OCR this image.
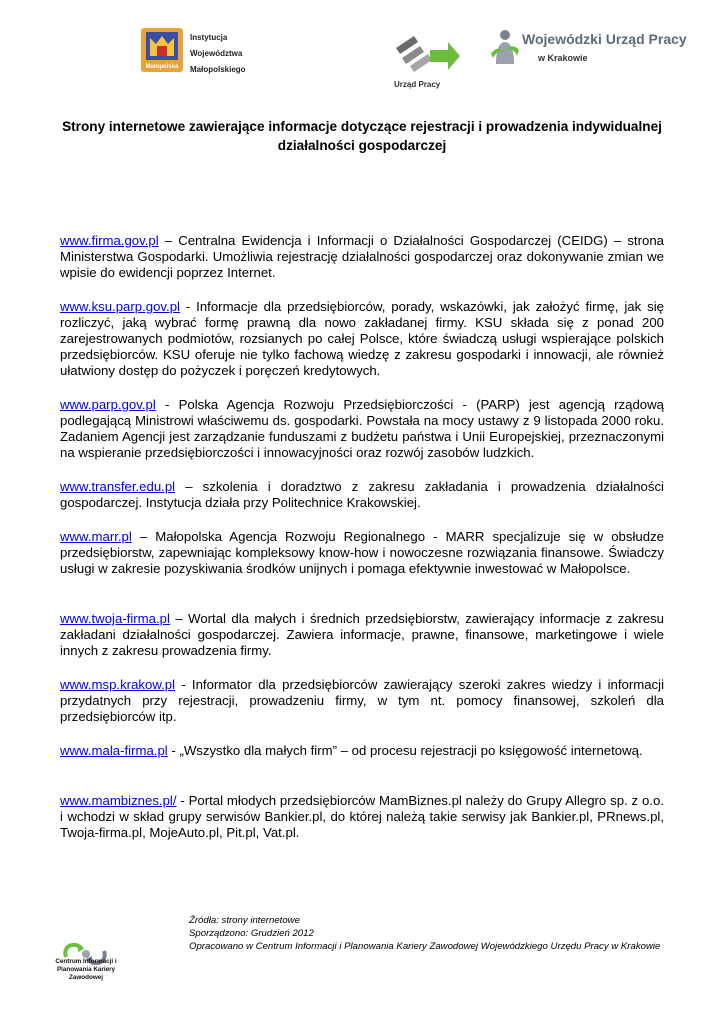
Małopolska
Instytucja
Województwa
Małopolskiego
Urząd Pracy
Wojewódzki Urząd Pracy
w Krakowie
Strony internetowe zawierające informacje dotyczące rejestracji i prowadzenia indywidualnej działalności gospodarczej

www.firma.gov.pl – Centralna Ewidencja i Informacji o Działalności Gospodarczej (CEIDG) – strona Ministerstwa Gospodarki. Umożliwia rejestrację działalności gospodarczej oraz dokonywanie zmian we wpisie do ewidencji poprzez Internet.

www.ksu.parp.gov.pl - Informacje dla przedsiębiorców, porady, wskazówki, jak założyć firmę, jak się rozliczyć, jaką wybrać formę prawną dla nowo zakładanej firmy. KSU składa się z ponad 200 zarejestrowanych podmiotów, rozsianych po całej Polsce, które świadczą usługi wspierające polskich przedsiębiorców. KSU oferuje nie tylko fachową wiedzę z zakresu gospodarki i innowacji, ale również ułatwiony dostęp do pożyczek i poręczeń kredytowych.

www.parp.gov.pl - Polska Agencja Rozwoju Przedsiębiorczości - (PARP) jest agencją rządową podlegającą Ministrowi właściwemu ds. gospodarki. Powstała na mocy ustawy z 9 listopada 2000 roku. Zadaniem Agencji jest zarządzanie funduszami z budżetu państwa i Unii Europejskiej, przeznaczonymi na wspieranie przedsiębiorczości i innowacyjności oraz rozwój zasobów ludzkich.

www.transfer.edu.pl – szkolenia i doradztwo z zakresu zakładania i prowadzenia działalności gospodarczej. Instytucja działa przy Politechnice Krakowskiej.

www.marr.pl – Małopolska Agencja Rozwoju Regionalnego - MARR specjalizuje się w obsłudze przedsiębiorstw, zapewniając kompleksowy know-how i nowoczesne rozwiązania finansowe. Świadczy usługi w zakresie pozyskiwania środków unijnych i pomaga efektywnie inwestować w Małopolsce.

www.twoja-firma.pl – Wortal dla małych i średnich przedsiębiorstw, zawierający informacje z zakresu zakładani działalności gospodarczej. Zawiera informacje, prawne, finansowe, marketingowe i wiele innych z zakresu prowadzenia firmy.

www.msp.krakow.pl - Informator dla przedsiębiorców zawierający szeroki zakres wiedzy i informacji przydatnych przy rejestracji, prowadzeniu firmy, w tym nt. pomocy finansowej, szkoleń dla przedsiębiorców itp.

www.mala-firma.pl - „Wszystko dla małych firm” – od procesu rejestracji po księgowość internetową.

www.mambiznes.pl/ - Portal młodych przedsiębiorców MamBiznes.pl należy do Grupy Allegro sp. z o.o. i wchodzi w skład grupy serwisów Bankier.pl, do której należą takie serwisy jak Bankier.pl, PRnews.pl, Twoja-firma.pl, MojeAuto.pl, Pit.pl, Vat.pl.

Centrum Informacji i Planowania Kariery Zawodowej
Źródła: strony internetowe
Sporządzono: Grudzień 2012
Opracowano w Centrum Informacji i Planowania Kariery Zawodowej Wojewódzkiego Urzędu Pracy w Krakowie
